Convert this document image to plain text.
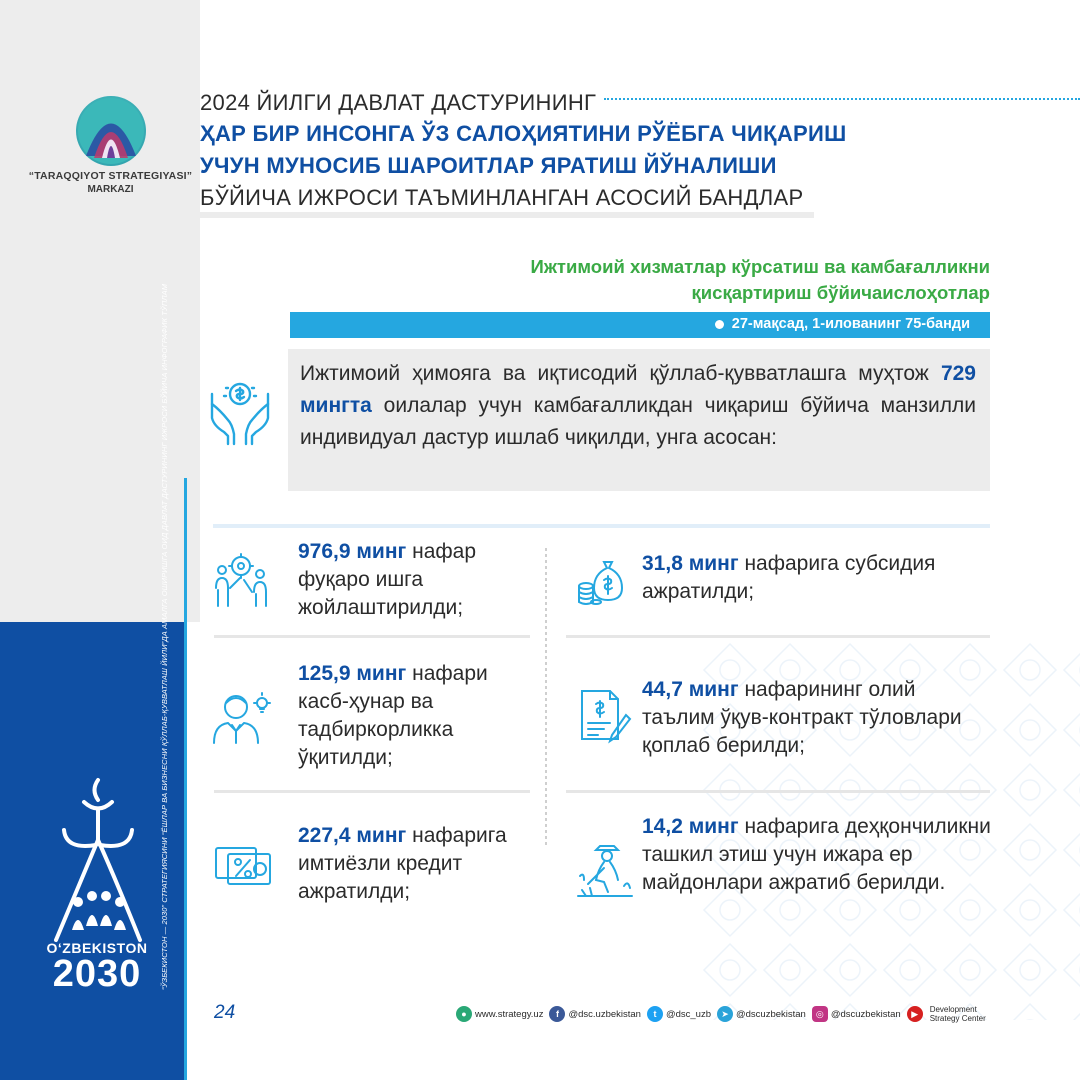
“TARAQQIYOT STRATEGIYASI”
MARKAZI
“ЎЗБЕКИСТОН — 2030” СТРАТЕГИЯСИНИ “ЁШЛАР ВА БИЗНЕСНИ ҚЎЛЛАБ-ҚУВВАТЛАШ ЙИЛИ”ДА АМАЛГА ОШИРИШГА ОИД ДАВЛАТ ДАСТУРИНИНГ ИЖРОСИ БЎЙИЧА ИНФОГРАФИК ТЎПЛАМ
O‘ZBEKISTON
2030
2024 ЙИЛГИ ДАВЛАТ ДАСТУРИНИНГ
ҲАР БИР ИНСОНГА ЎЗ САЛОҲИЯТИНИ РЎЁБГА ЧИҚАРИШ
УЧУН МУНОСИБ ШАРОИТЛАР ЯРАТИШ ЙЎНАЛИШИ
БЎЙИЧА ИЖРОСИ ТАЪМИНЛАНГАН АСОСИЙ БАНДЛАР
Ижтимоий хизматлар кўрсатиш ва камбағалликни
қисқартириш бўйичаислоҳотлар
27-мақсад, 1-илованинг 75-банди
Ижтимоий ҳимояга ва иқтисодий қўллаб-қувватлашга муҳтож 729 мингта оилалар учун камбағалликдан чиқариш бўйича манзилли индивидуал дастур ишлаб чиқилди, унга асосан:
976,9 минг нафар фуқаро ишга жойлаштирилди;
31,8 минг нафарига субсидия ажратилди;
125,9 минг нафари касб-ҳунар ва тадбиркорликка ўқитилди;
44,7 минг нафарининг олий таълим ўқув-контракт тўловлари қоплаб берилди;
227,4 минг нафарига имтиёзли кредит ажратилди;
14,2 минг нафарига деҳқончиликни ташкил этиш учун ижара ер майдонлари ажратиб берилди.
24	● www.strategy.uz	f	@dsc.uzbekistan	t	@dsc_uzb	➤ @dscuzbekistan	◎ @dscuzbekistan	▶	Development
Strategy Center
